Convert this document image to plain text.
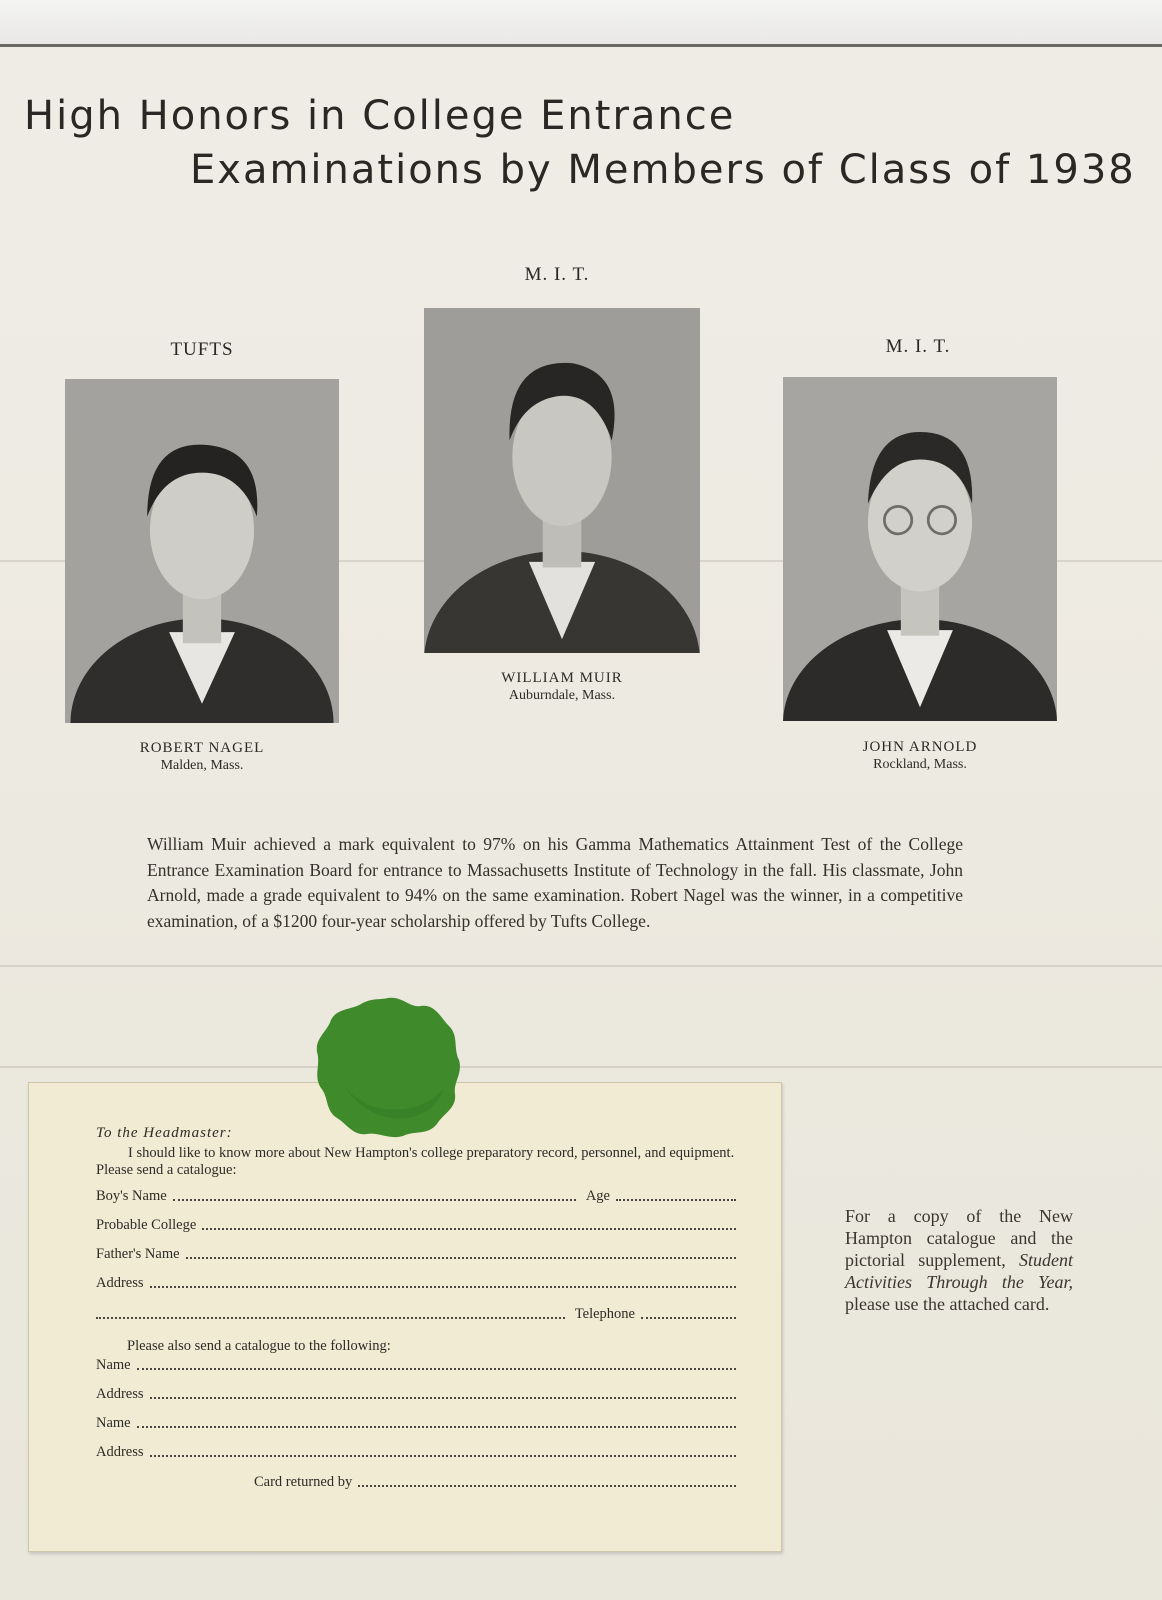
High Honors in College Entrance
Examinations by Members of Class of 1938
TUFTS
ROBERT NAGEL
Malden, Mass.
M. I. T.
WILLIAM MUIR
Auburndale, Mass.
M. I. T.
JOHN ARNOLD
Rockland, Mass.
William Muir achieved a mark equivalent to 97% on his Gamma Mathematics Attainment Test of the College Entrance Examination Board for entrance to Massachusetts Institute of Technology in the fall. His classmate, John Arnold, made a grade equivalent to 94% on the same examination. Robert Nagel was the winner, in a competitive examination, of a $1200 four-year scholarship offered by Tufts College.
To the Headmaster:
I should like to know more about New Hampton's college preparatory record, personnel, and equipment. Please send a catalogue:
Boy's Name	Age
Probable College
Father's Name
Address
Telephone
Please also send a catalogue to the following:
Name
Address
Name
Address
Card returned by
For a copy of the New Hampton catalogue and the pictorial supplement, Student Activities Through the Year, please use the attached card.
